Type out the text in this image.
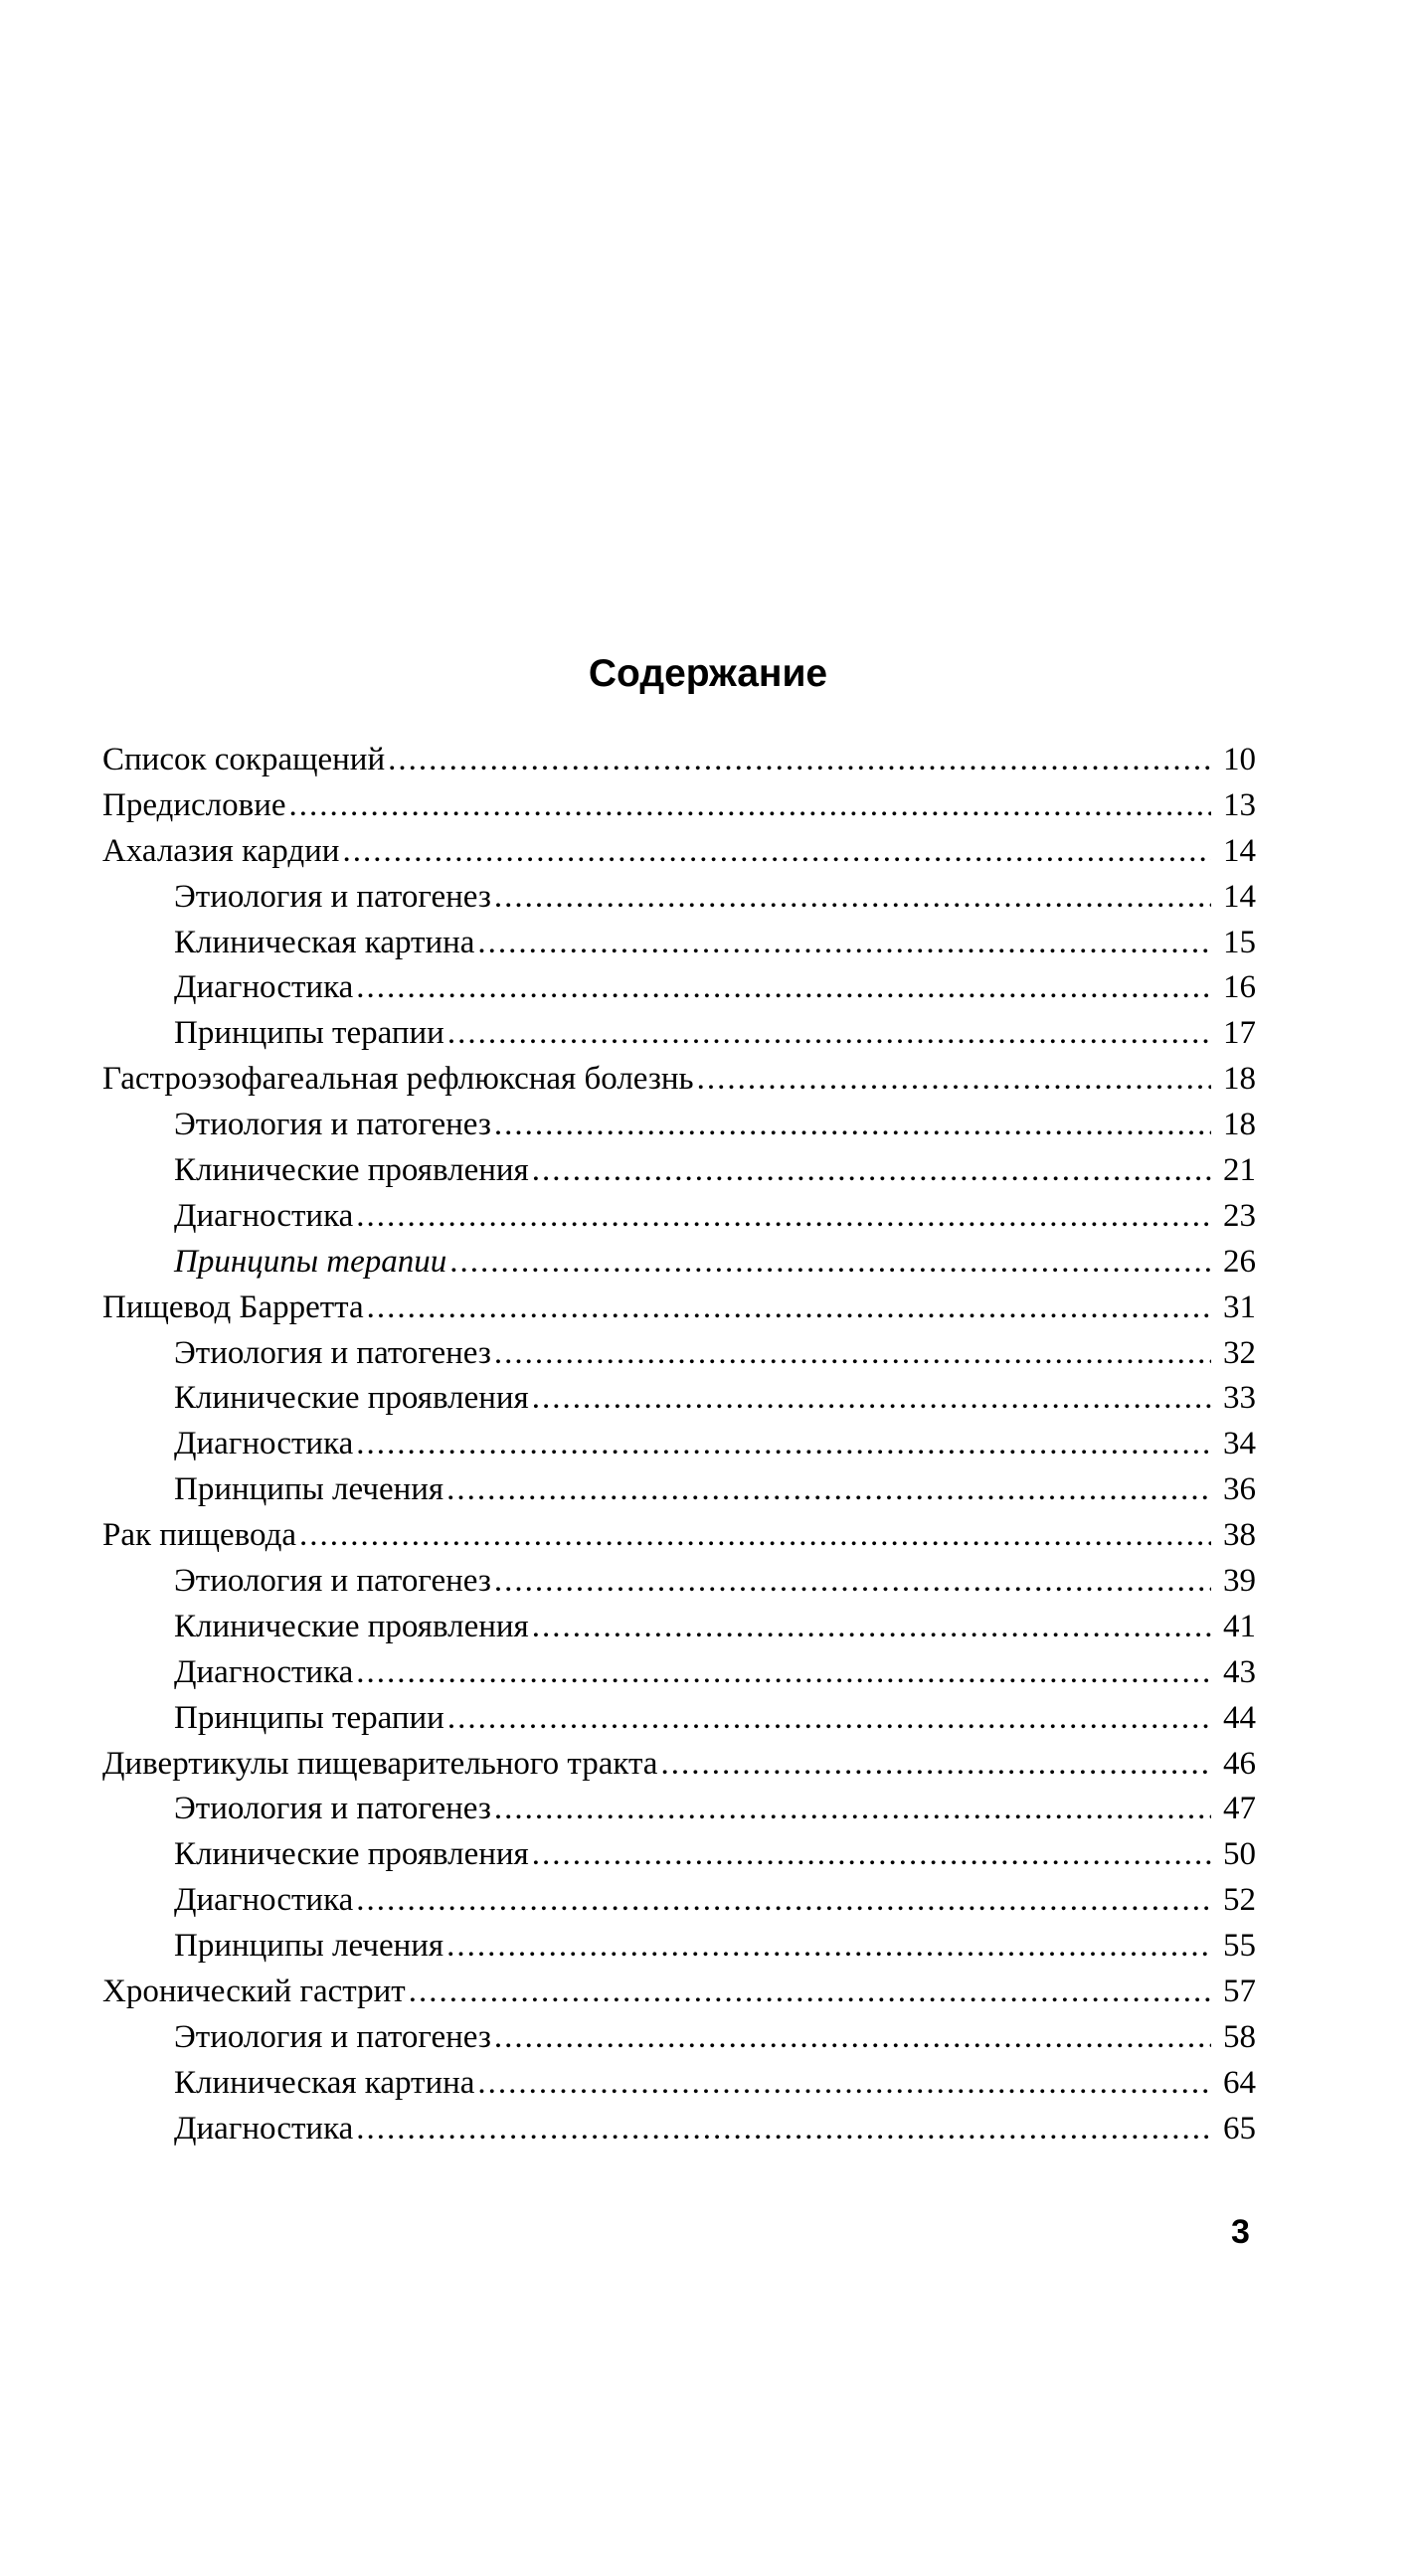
Содержание
Список сокращений .....	10
Предисловие .....	13
Ахалазия кардии .....	14
Этиология и патогенез .....	14
Клиническая картина .....	15
Диагностика .....	16
Принципы терапии .....	17
Гастроэзофагеальная рефлюксная болезнь .....	18
Этиология и патогенез .....	18
Клинические проявления .....	21
Диагностика .....	23
Принципы терапии .....	26
Пищевод Барретта .....	31
Этиология и патогенез .....	32
Клинические проявления .....	33
Диагностика .....	34
Принципы лечения .....	36
Рак пищевода .....	38
Этиология и патогенез .....	39
Клинические проявления .....	41
Диагностика .....	43
Принципы терапии .....	44
Дивертикулы пищеварительного тракта .....	46
Этиология и патогенез .....	47
Клинические проявления .....	50
Диагностика .....	52
Принципы лечения .....	55
Хронический гастрит .....	57
Этиология и патогенез .....	58
Клиническая картина .....	64
Диагностика .....	65
3
